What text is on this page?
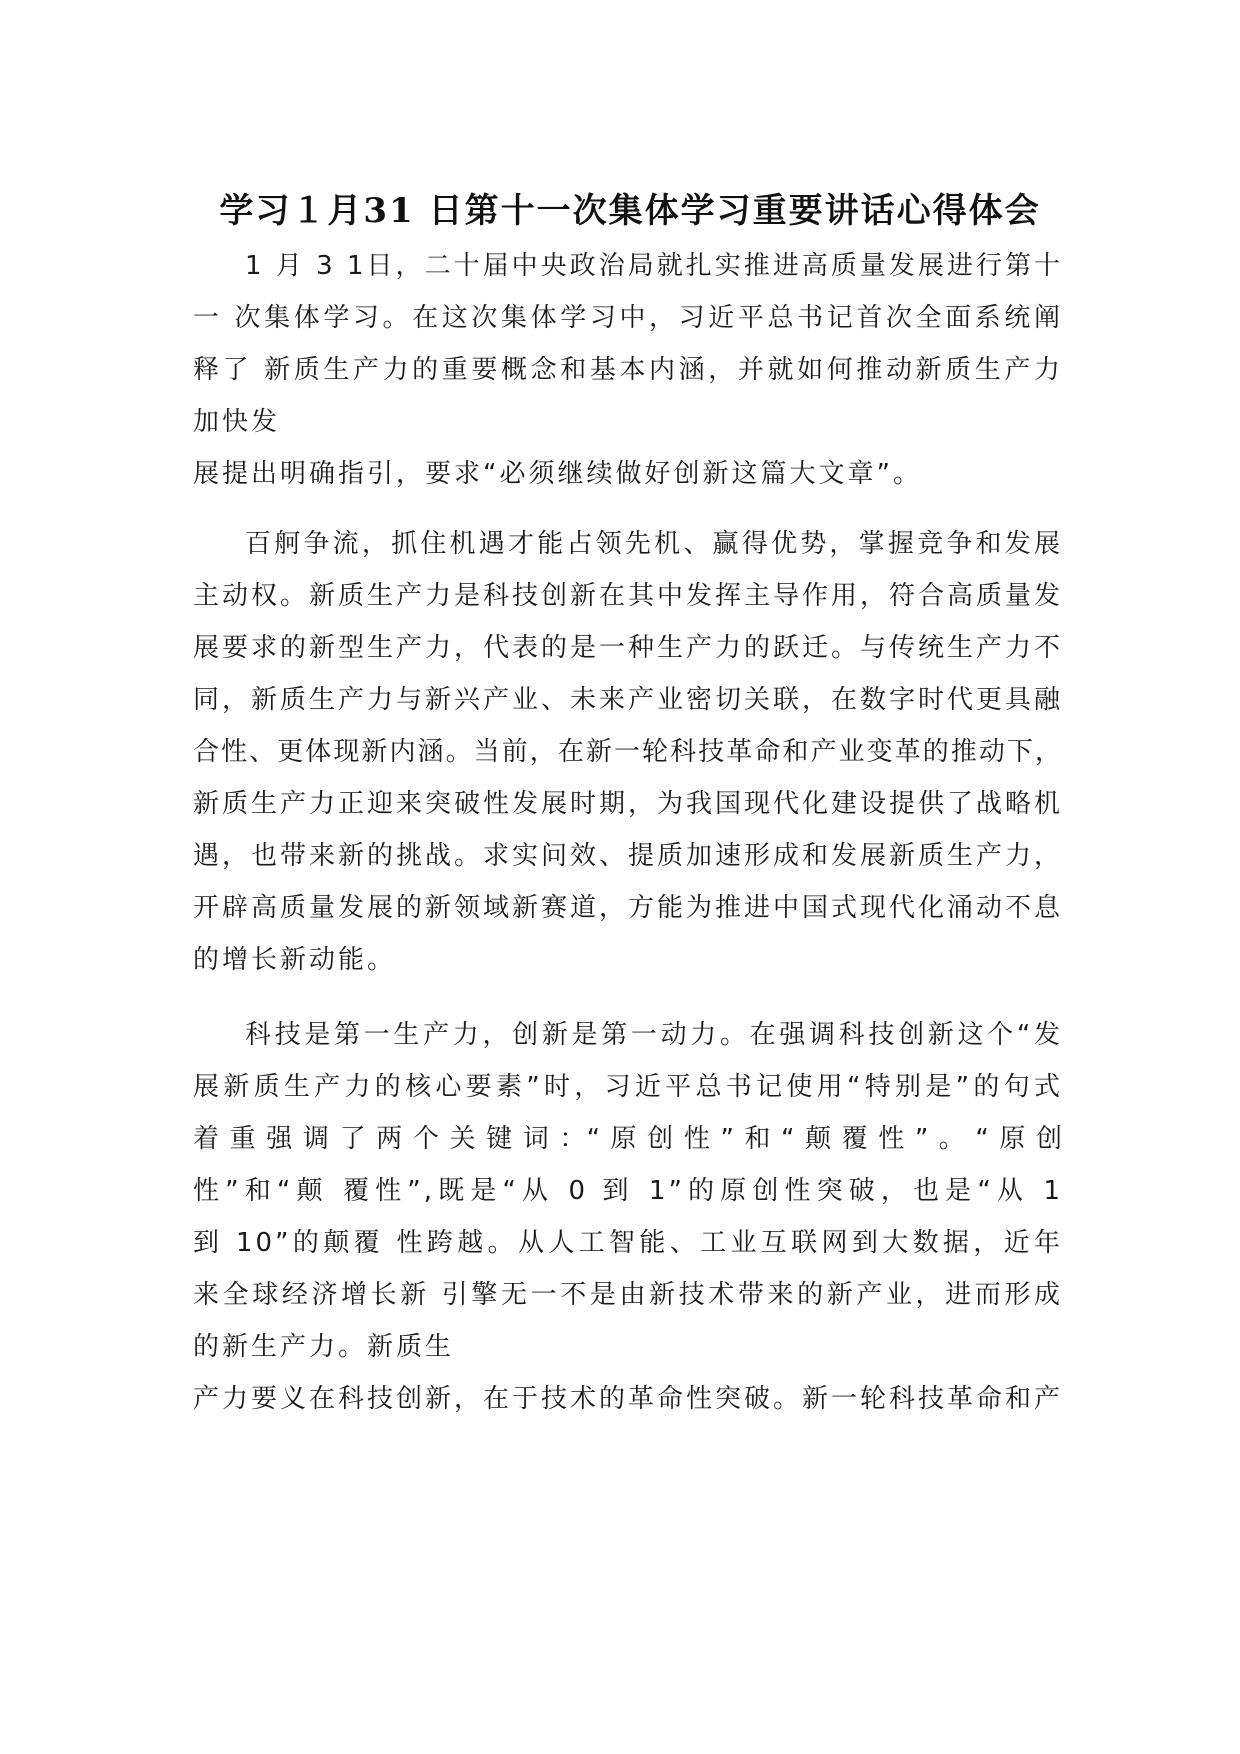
学习１月31 日第十一次集体学习重要讲话心得体会
1 月 3 1日，二十届中央政治局就扎实推进高质量发展进行第十
一 次集体学习。在这次集体学习中，习近平总书记首次全面系统阐
释了 新质生产力的重要概念和基本内涵，并就如何推动新质生产力
加快发
展提出明确指引，要求“必须继续做好创新这篇大文章”。
百舸争流，抓住机遇才能占领先机、赢得优势，掌握竞争和发展
主动权。新质生产力是科技创新在其中发挥主导作用，符合高质量发
展要求的新型生产力，代表的是一种生产力的跃迁。与传统生产力不
同，新质生产力与新兴产业、未来产业密切关联，在数字时代更具融
合性、更体现新内涵。当前，在新一轮科技革命和产业变革的推动下，
新质生产力正迎来突破性发展时期，为我国现代化建设提供了战略机
遇，也带来新的挑战。求实问效、提质加速形成和发展新质生产力，
开辟高质量发展的新领域新赛道，方能为推进中国式现代化涌动不息
的增长新动能。
科技是第一生产力，创新是第一动力。在强调科技创新这个“发
展新质生产力的核心要素”时，习近平总书记使用“特别是”的句式
着 重 强 调 了 两 个 关 键 词 ：“ 原 创 性 ” 和 “ 颠 覆 性 ” 。 “ 原 创
性”和“颠 覆性”,既是“从 0 到 1”的原创性突破，也是“从 1
到 10”的颠覆 性跨越。从人工智能、工业互联网到大数据，近年
来全球经济增长新 引擎无一不是由新技术带来的新产业，进而形成
的新生产力。新质生
产力要义在科技创新，在于技术的革命性突破。新一轮科技革命和产
